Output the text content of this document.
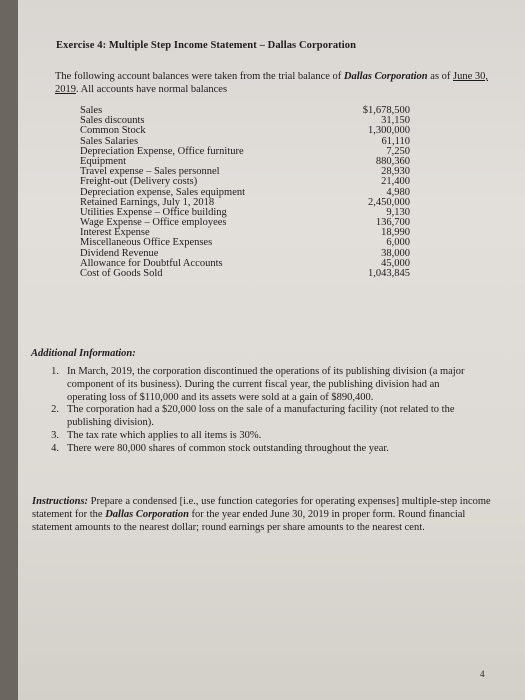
Exercise 4: Multiple Step Income Statement – Dallas Corporation
The following account balances were taken from the trial balance of Dallas Corporation as of June 30,
2019. All accounts have normal balances
Sales	$1,678,500
Sales discounts	31,150
Common Stock	1,300,000
Sales Salaries	61,110
Depreciation Expense, Office furniture	7,250
Equipment	880,360
Travel expense – Sales personnel	28,930
Freight-out (Delivery costs)	21,400
Depreciation expense, Sales equipment	4,980
Retained Earnings, July 1, 2018	2,450,000
Utilities Expense – Office building	9,130
Wage Expense – Office employees	136,700
Interest Expense	18,990
Miscellaneous Office Expenses	6,000
Dividend Revenue	38,000
Allowance for Doubtful Accounts	45,000
Cost of Goods Sold	1,043,845
Additional Information:
1. In March, 2019, the corporation discontinued the operations of its publishing division (a major component of its business). During the current fiscal year, the publishing division had an operating loss of $110,000 and its assets were sold at a gain of $890,400.
2. The corporation had a $20,000 loss on the sale of a manufacturing facility (not related to the publishing division).
3. The tax rate which applies to all items is 30%.
4. There were 80,000 shares of common stock outstanding throughout the year.
Instructions: Prepare a condensed [i.e., use function categories for operating expenses] multiple-step income statement for the Dallas Corporation for the year ended June 30, 2019 in proper form. Round financial statement amounts to the nearest dollar; round earnings per share amounts to the nearest cent.
4
